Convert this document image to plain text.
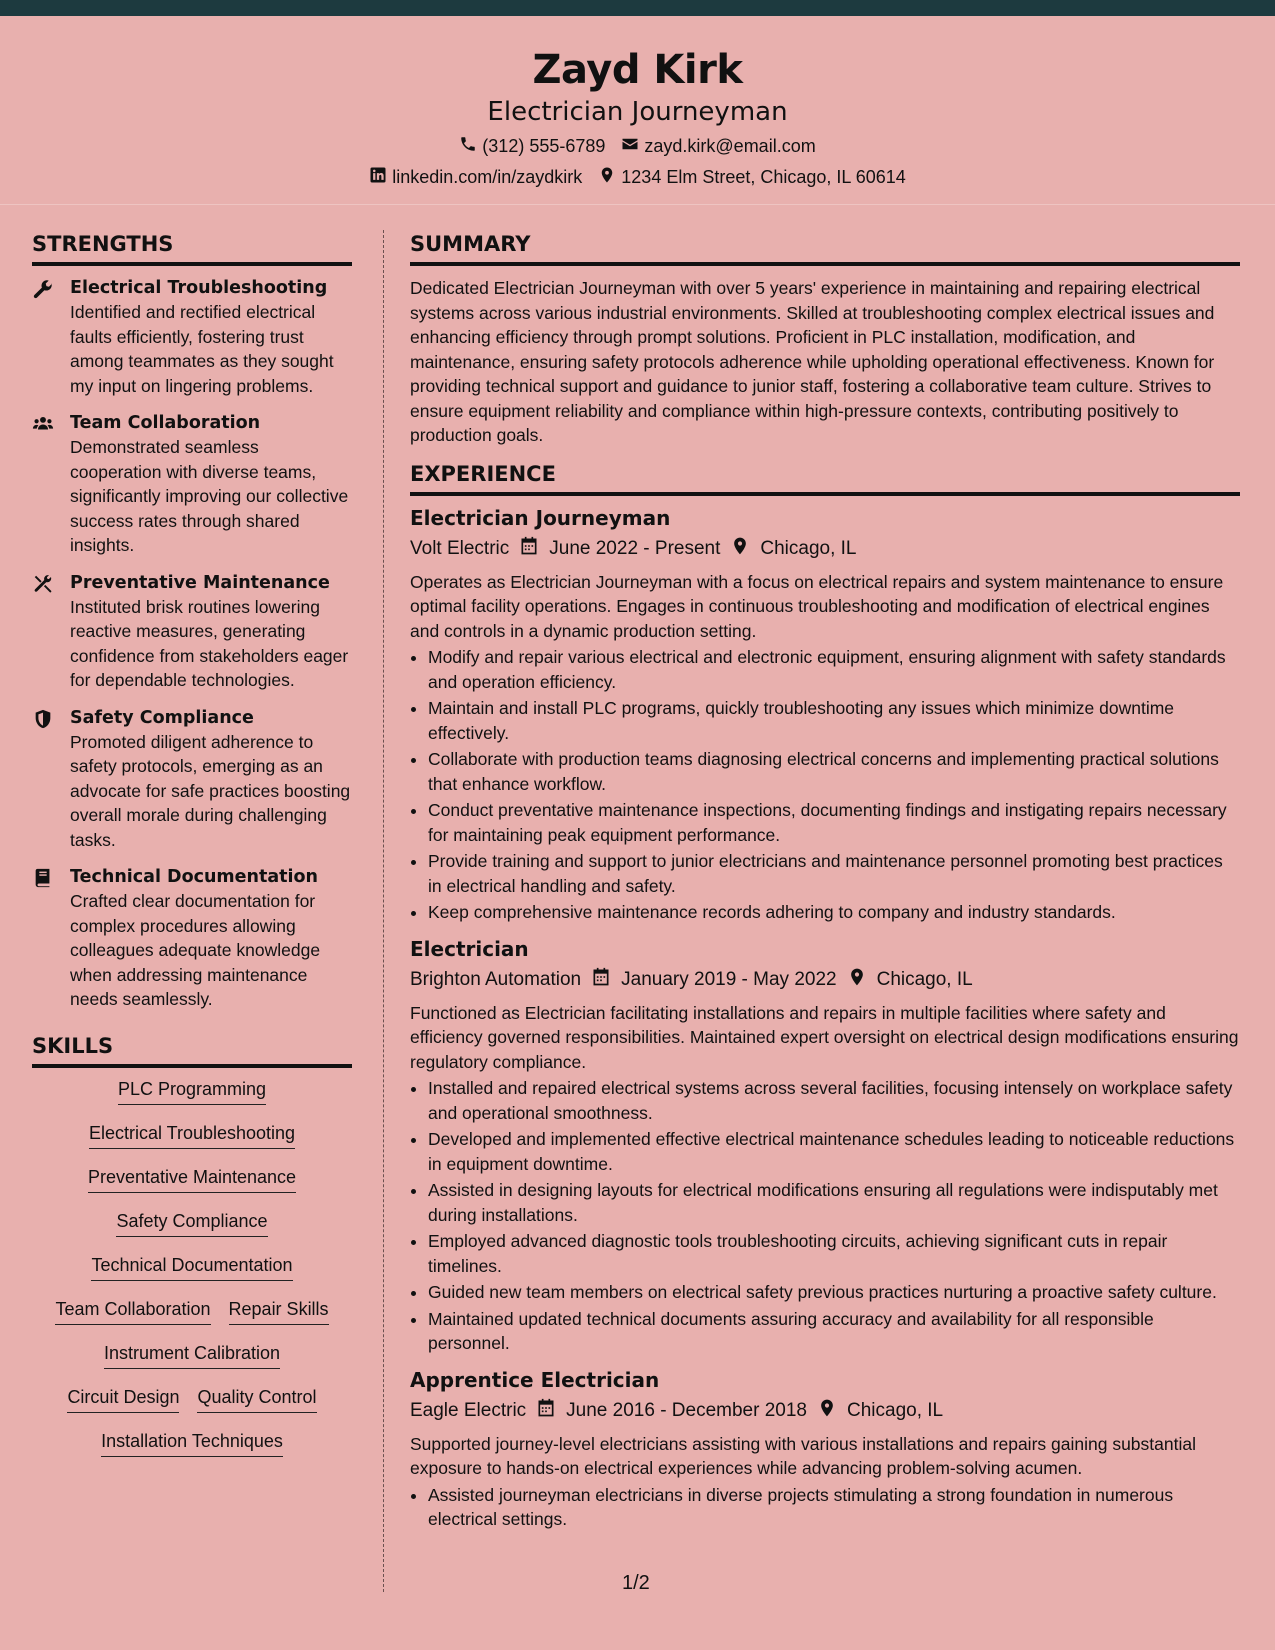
Zayd Kirk
Electrician Journeyman
(312) 555-6789 zayd.kirk@email.com
linkedin.com/in/zaydkirk 1234 Elm Street, Chicago, IL 60614
STRENGTHS
Electrical Troubleshooting
Identified and rectified electrical faults efficiently, fostering trust among teammates as they sought my input on lingering problems.
Team Collaboration
Demonstrated seamless cooperation with diverse teams, significantly improving our collective success rates through shared insights.
Preventative Maintenance
Instituted brisk routines lowering reactive measures, generating confidence from stakeholders eager for dependable technologies.
Safety Compliance
Promoted diligent adherence to safety protocols, emerging as an advocate for safe practices boosting overall morale during challenging tasks.
Technical Documentation
Crafted clear documentation for complex procedures allowing colleagues adequate knowledge when addressing maintenance needs seamlessly.
SKILLS
PLC Programming
Electrical Troubleshooting
Preventative Maintenance
Safety Compliance
Technical Documentation
Team Collaboration Repair Skills
Instrument Calibration
Circuit Design Quality Control
Installation Techniques
SUMMARY
Dedicated Electrician Journeyman with over 5 years' experience in maintaining and repairing electrical systems across various industrial environments. Skilled at troubleshooting complex electrical issues and enhancing efficiency through prompt solutions. Proficient in PLC installation, modification, and maintenance, ensuring safety protocols adherence while upholding operational effectiveness. Known for providing technical support and guidance to junior staff, fostering a collaborative team culture. Strives to ensure equipment reliability and compliance within high-pressure contexts, contributing positively to production goals.
EXPERIENCE
Electrician Journeyman
Volt Electric June 2022 - Present Chicago, IL
Operates as Electrician Journeyman with a focus on electrical repairs and system maintenance to ensure optimal facility operations. Engages in continuous troubleshooting and modification of electrical engines and controls in a dynamic production setting.
• Modify and repair various electrical and electronic equipment, ensuring alignment with safety standards and operation efficiency.
• Maintain and install PLC programs, quickly troubleshooting any issues which minimize downtime effectively.
• Collaborate with production teams diagnosing electrical concerns and implementing practical solutions that enhance workflow.
• Conduct preventative maintenance inspections, documenting findings and instigating repairs necessary for maintaining peak equipment performance.
• Provide training and support to junior electricians and maintenance personnel promoting best practices in electrical handling and safety.
• Keep comprehensive maintenance records adhering to company and industry standards.
Electrician
Brighton Automation January 2019 - May 2022 Chicago, IL
Functioned as Electrician facilitating installations and repairs in multiple facilities where safety and efficiency governed responsibilities. Maintained expert oversight on electrical design modifications ensuring regulatory compliance.
• Installed and repaired electrical systems across several facilities, focusing intensely on workplace safety and operational smoothness.
• Developed and implemented effective electrical maintenance schedules leading to noticeable reductions in equipment downtime.
• Assisted in designing layouts for electrical modifications ensuring all regulations were indisputably met during installations.
• Employed advanced diagnostic tools troubleshooting circuits, achieving significant cuts in repair timelines.
• Guided new team members on electrical safety previous practices nurturing a proactive safety culture.
• Maintained updated technical documents assuring accuracy and availability for all responsible personnel.
Apprentice Electrician
Eagle Electric June 2016 - December 2018 Chicago, IL
Supported journey-level electricians assisting with various installations and repairs gaining substantial exposure to hands-on electrical experiences while advancing problem-solving acumen.
• Assisted journeyman electricians in diverse projects stimulating a strong foundation in numerous electrical settings.
1/2
